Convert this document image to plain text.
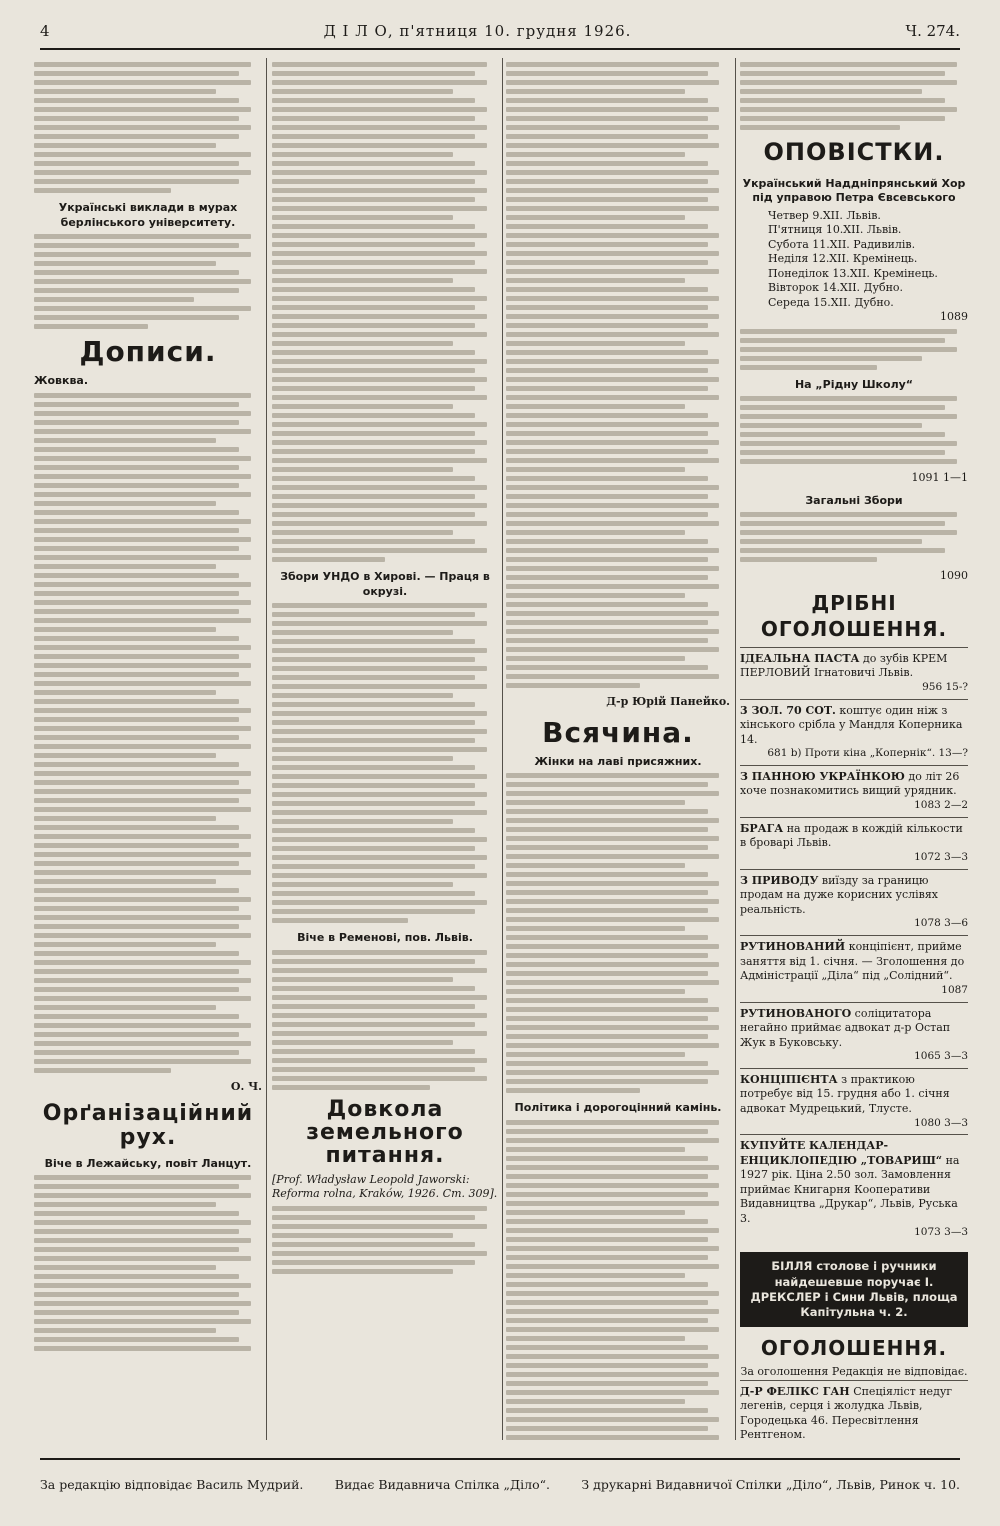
4	Д І Л О, п'ятниця 10. грудня 1926.	Ч. 274.
Українські виклади в мурах берлінського університету.
Дописи.
Жовква.
О. Ч.
Орґанізаційний рух.
Віче в Лежайську, повіт Ланцут.
Збори УНДО в Хирові. — Праця в окрузі.
Віче в Ременові, пов. Львів.
Довкола земельного питання.
[Prof. Władysław Leopold Jaworski: Reforma rolna, Kraków, 1926. Ст. 309].
Д-р Юрій Панейко.
Всячина.
Жінки на лаві присяжних.
Політика і дорогоцінний камінь.
ОПОВІСТКИ.
Український Наддніпрянський Хор під управою Петра Євсевського
Четвер 9.XII. Львів.
П'ятниця 10.XII. Львів.
Субота 11.XII. Радивилів.
Неділя 12.XII. Кремінець.
Понеділок 13.XII. Кремінець.
Вівторок 14.XII. Дубно.
Середа 15.XII. Дубно.
1089
На „Рідну Школу“
1091 1—1
Загальні Збори
1090
ДРІБНІ ОГОЛОШЕННЯ.
ІДЕАЛЬНА ПАСТА до зубів КРЕМ ПЕРЛОВИЙ Ігнатовичі Львів.
956 15-?
3 ЗОЛ. 70 СОТ. коштує один ніж з хінського срібла у Мандля Коперника 14.
681 b) Проти кіна „Копернік“. 13—?
З ПАННОЮ УКРАЇНКОЮ до літ 26 хоче познакомитись вищий урядник.
1083 2—2
БРАГА на продаж в кождій кількости в броварі Львів.
1072 3—3
З ПРИВОДУ виїзду за границю продам на дуже корисних услівях реальність.
1078 3—6
РУТИНОВАНИЙ конціпієнт, прийме заняття від 1. січня. — Зголошення до Адміністрації „Діла“ під „Солідний“.
1087
РУТИНОВАНОГО соліцитатора негайно приймає адвокат д-р Остап Жук в Буковську.
1065 3—3
КОНЦІПІЄНТА з практикою потребує від 15. грудня або 1. січня адвокат Мудрецький, Тлусте.
1080 3—3
КУПУЙТЕ КАЛЕНДАР-ЕНЦИКЛОПЕДІЮ „ТОВАРИШ“ на 1927 рік. Ціна 2.50 зол. Замовлення приймає Книгарня Кооперативи Видавництва „Друкар“, Львів, Руська 3.
1073 3—3
БІЛЛЯ столове і ручники найдешевше поручає І. ДРЕКСЛЕР і Сини Львів, площа Капітульна ч. 2.
ОГОЛОШЕННЯ.
За оголошення Редакція не відповідає.
Д-Р ФЕЛІКС ГАН Спеціяліст недуг легенів, серця і жолудка Львів, Городецька 46. Пересвітлення Рентгеном.
За редакцію відповідає Василь Мудрий.	Видає Видавнича Спілка „Діло“.	З друкарні Видавничої Спілки „Діло“, Львів, Ринок ч. 10.
